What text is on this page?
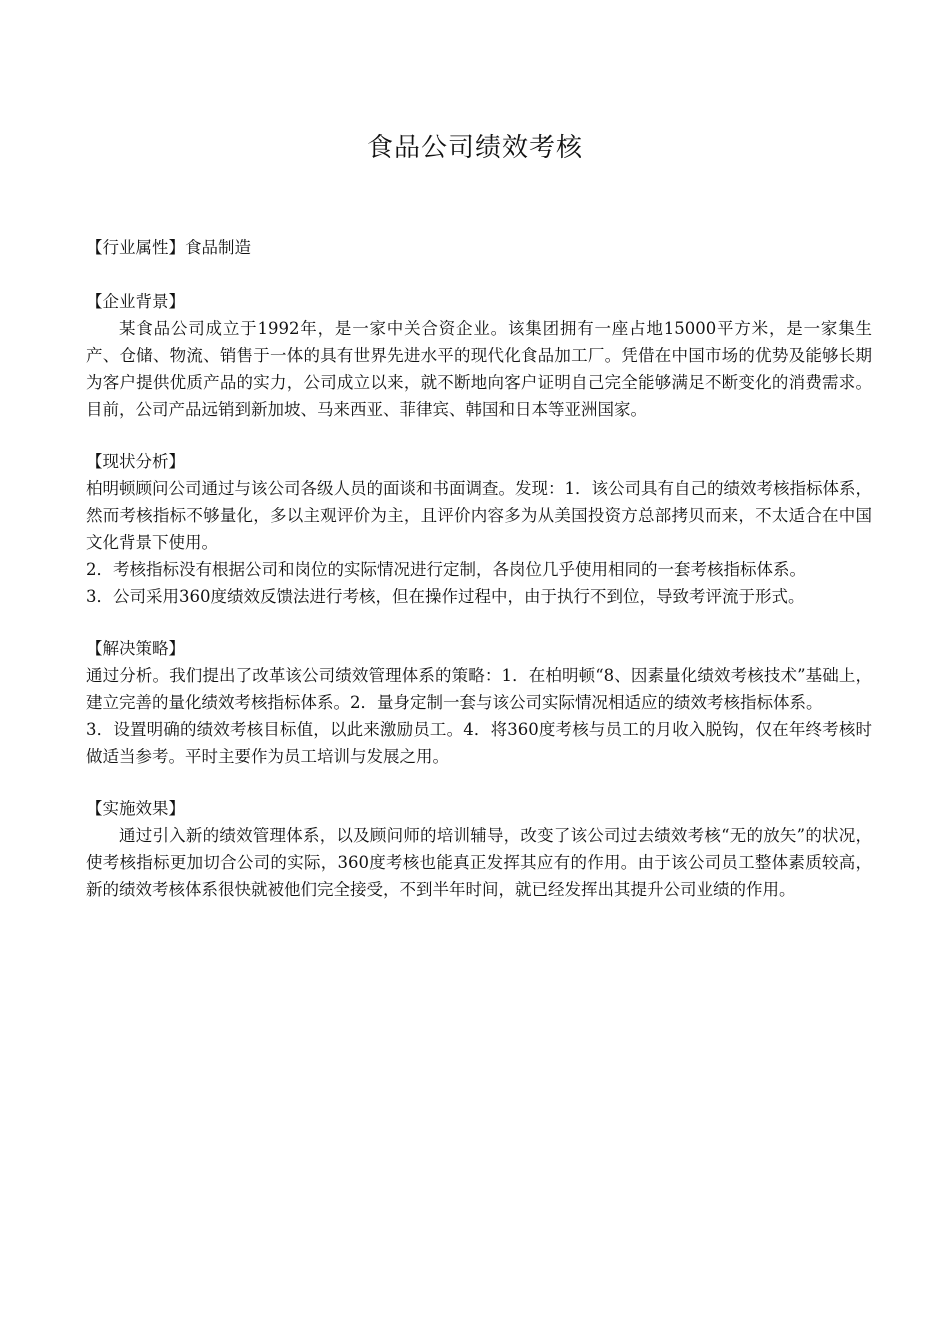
食品公司绩效考核

【行业属性】食品制造

【企业背景】

某食品公司成立于1992年，是一家中关合资企业。该集团拥有一座占地15000平方米，是一家集生产、仓储、物流、销售于一体的具有世界先进水平的现代化食品加工厂。凭借在中国市场的优势及能够长期为客户提供优质产品的实力，公司成立以来，就不断地向客户证明自己完全能够满足不断变化的消费需求。目前，公司产品远销到新加坡、马来西亚、菲律宾、韩国和日本等亚洲国家。

【现状分析】

柏明顿顾问公司通过与该公司各级人员的面谈和书面调查。发现：1．该公司具有自己的绩效考核指标体系，然而考核指标不够量化，多以主观评价为主，且评价内容多为从美国投资方总部拷贝而来，不太适合在中国文化背景下使用。

2．考核指标没有根据公司和岗位的实际情况进行定制，各岗位几乎使用相同的一套考核指标体系。

3．公司采用360度绩效反馈法进行考核，但在操作过程中，由于执行不到位，导致考评流于形式。

【解决策略】

通过分析。我们提出了改革该公司绩效管理体系的策略：1．在柏明顿“8、因素量化绩效考核技术”基础上，建立完善的量化绩效考核指标体系。2．量身定制一套与该公司实际情况相适应的绩效考核指标体系。

3．设置明确的绩效考核目标值，以此来激励员工。4．将360度考核与员工的月收入脱钩，仅在年终考核时做适当参考。平时主要作为员工培训与发展之用。

【实施效果】

通过引入新的绩效管理体系，以及顾问师的培训辅导，改变了该公司过去绩效考核“无的放矢”的状况，使考核指标更加切合公司的实际，360度考核也能真正发挥其应有的作用。由于该公司员工整体素质较高，新的绩效考核体系很快就被他们完全接受，不到半年时间，就已经发挥出其提升公司业绩的作用。
